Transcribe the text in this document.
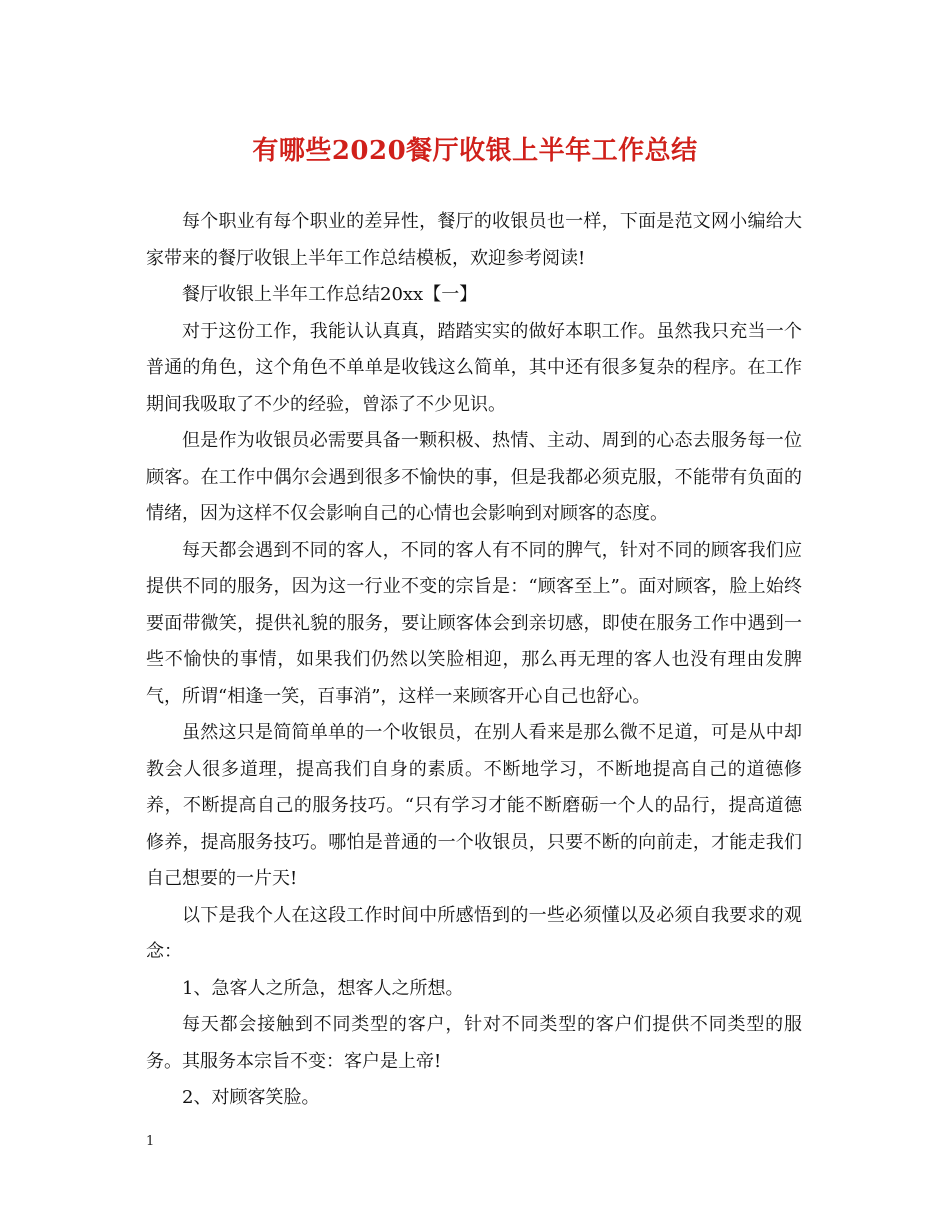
有哪些2020餐厅收银上半年工作总结

每个职业有每个职业的差异性，餐厅的收银员也一样，下面是范文网小编给大家带来的餐厅收银上半年工作总结模板，欢迎参考阅读!

餐厅收银上半年工作总结20xx【一】

对于这份工作，我能认认真真，踏踏实实的做好本职工作。虽然我只充当一个普通的角色，这个角色不单单是收钱这么简单，其中还有很多复杂的程序。在工作期间我吸取了不少的经验，曾添了不少见识。

但是作为收银员必需要具备一颗积极、热情、主动、周到的心态去服务每一位顾客。在工作中偶尔会遇到很多不愉快的事，但是我都必须克服，不能带有负面的情绪，因为这样不仅会影响自己的心情也会影响到对顾客的态度。

每天都会遇到不同的客人，不同的客人有不同的脾气，针对不同的顾客我们应提供不同的服务，因为这一行业不变的宗旨是：“顾客至上”。面对顾客，脸上始终要面带微笑，提供礼貌的服务，要让顾客体会到亲切感，即使在服务工作中遇到一些不愉快的事情，如果我们仍然以笑脸相迎，那么再无理的客人也没有理由发脾气，所谓“相逢一笑，百事消”，这样一来顾客开心自己也舒心。

虽然这只是简简单单的一个收银员，在别人看来是那么微不足道，可是从中却教会人很多道理，提高我们自身的素质。不断地学习，不断地提高自己的道德修养，不断提高自己的服务技巧。“只有学习才能不断磨砺一个人的品行，提高道德修养，提高服务技巧。哪怕是普通的一个收银员，只要不断的向前走，才能走我们自己想要的一片天!

以下是我个人在这段工作时间中所感悟到的一些必须懂以及必须自我要求的观念：

1、急客人之所急，想客人之所想。

每天都会接触到不同类型的客户，针对不同类型的客户们提供不同类型的服务。其服务本宗旨不变：客户是上帝!

2、对顾客笑脸。

1
